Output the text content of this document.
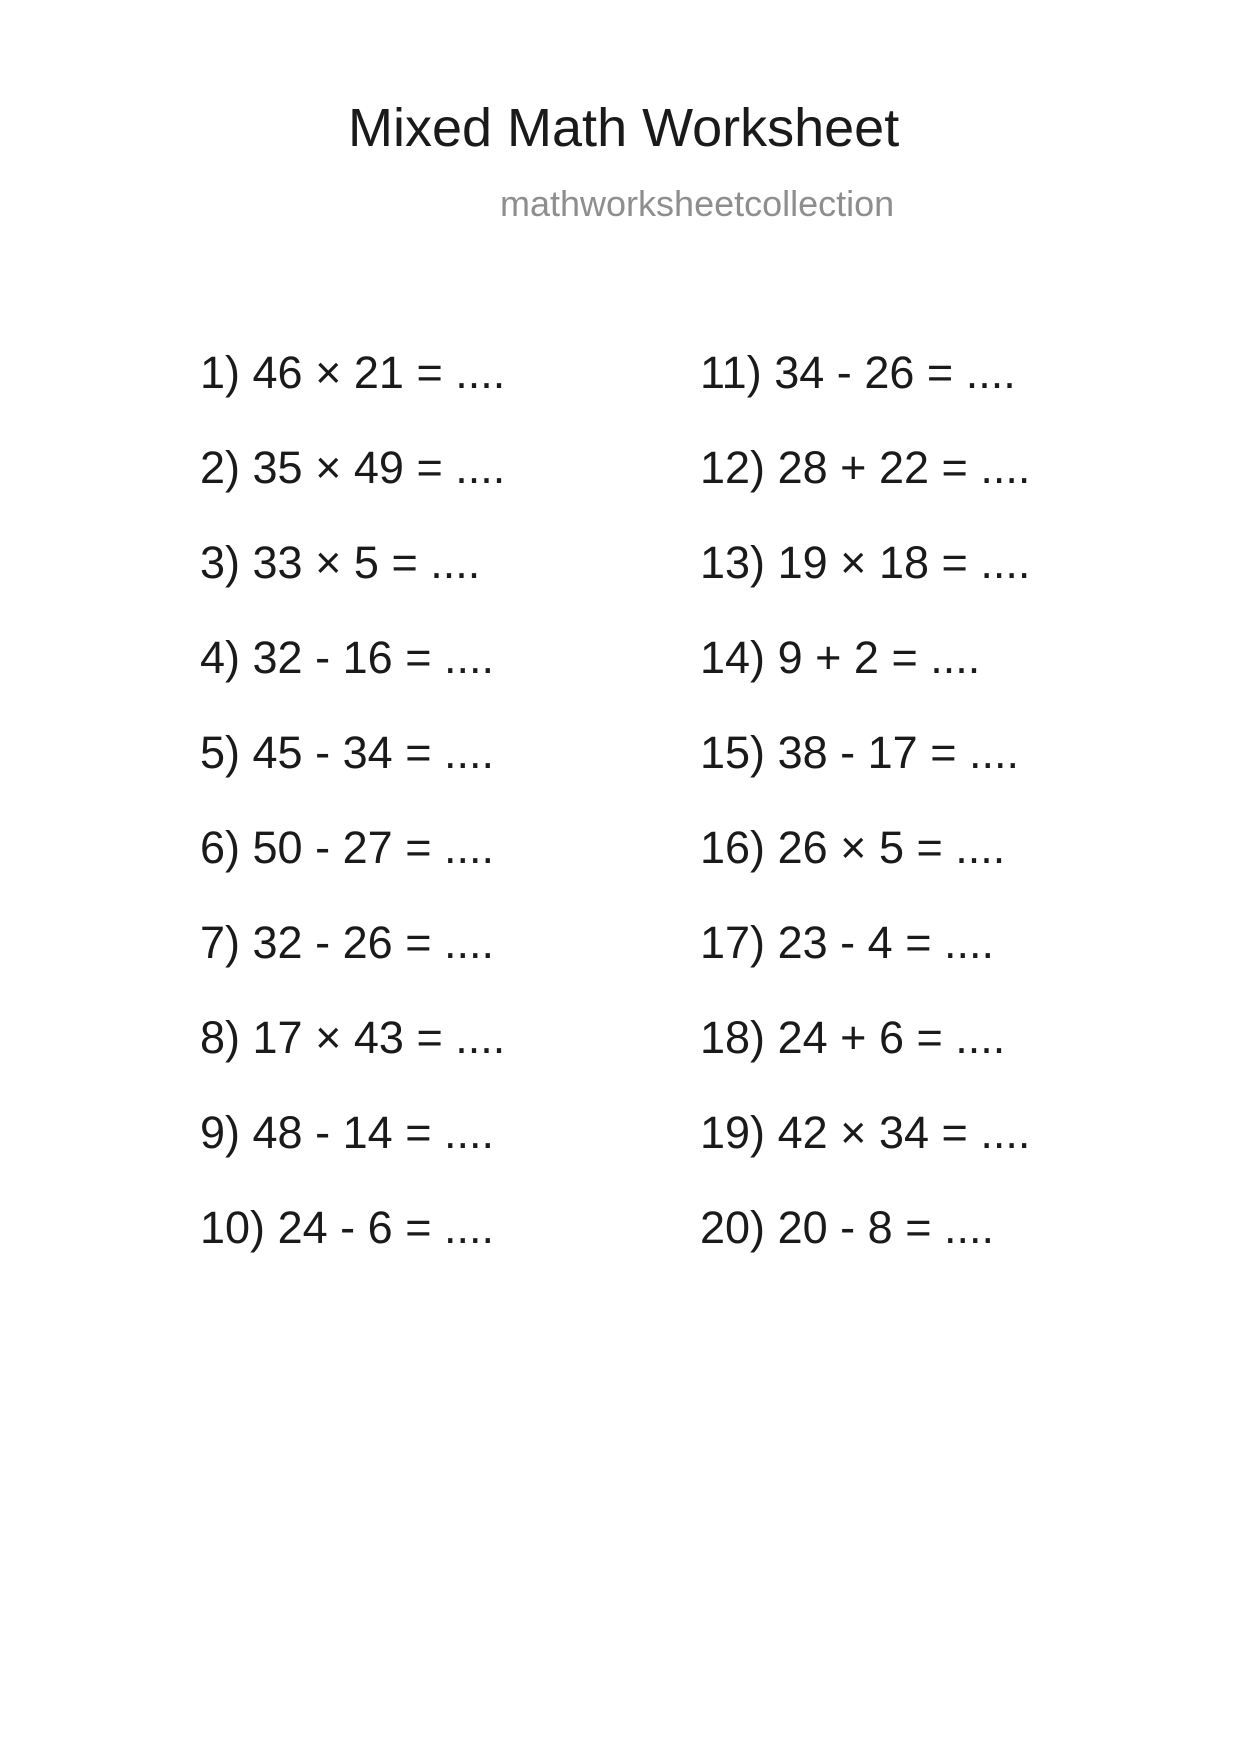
Mixed Math Worksheet
mathworksheetcollection
1) 46 × 21 = ....
2) 35 × 49 = ....
3) 33 × 5 = ....
4) 32 - 16 = ....
5) 45 - 34 = ....
6) 50 - 27 = ....
7) 32 - 26 = ....
8) 17 × 43 = ....
9) 48 - 14 = ....
10) 24 - 6 = ....
11) 34 - 26 = ....
12) 28 + 22 = ....
13) 19 × 18 = ....
14) 9 + 2 = ....
15) 38 - 17 = ....
16) 26 × 5 = ....
17) 23 - 4 = ....
18) 24 + 6 = ....
19) 42 × 34 = ....
20) 20 - 8 = ....
